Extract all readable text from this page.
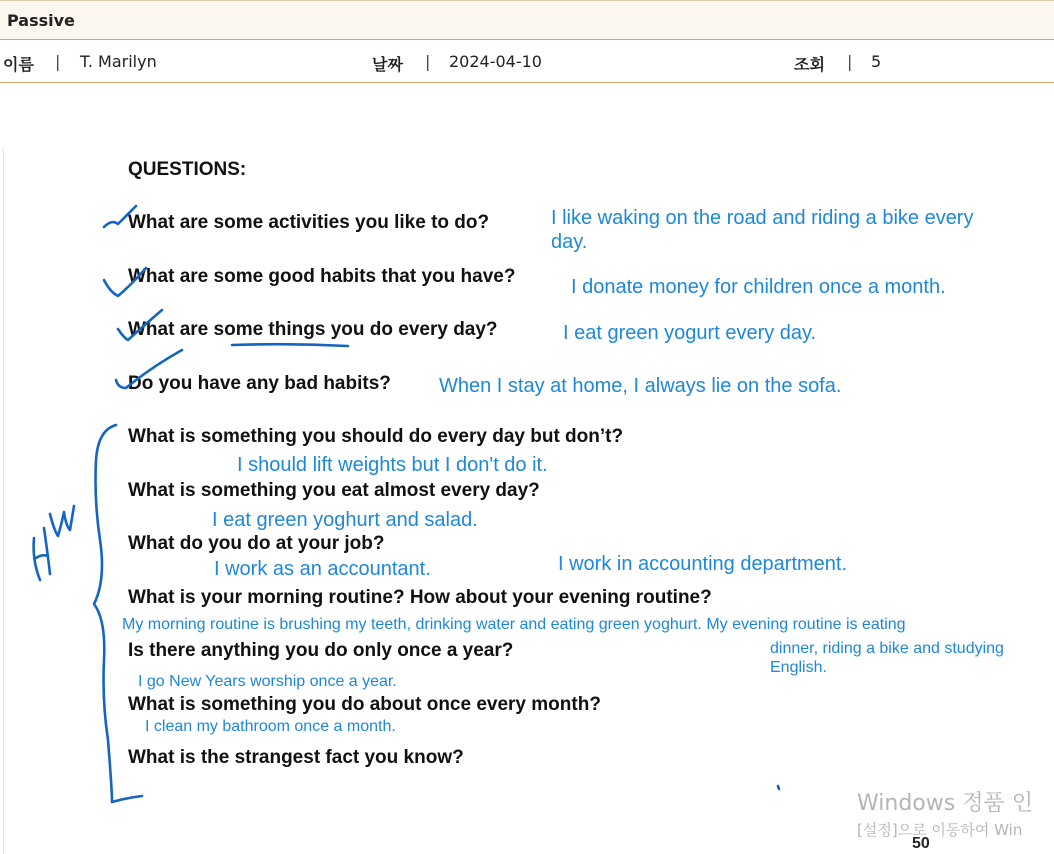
Passive
이름 | T. Marilyn	날짜 | 2024-04-10	조회 | 5
QUESTIONS:
What are some activities you like to do?
What are some good habits that you have?
What are some things you do every day?
Do you have any bad habits?
What is something you should do every day but don’t?
What is something you eat almost every day?
What do you do at your job?
What is your morning routine? How about your evening routine?
Is there anything you do only once a year?
What is something you do about once every month?
What is the strangest fact you know?
I like waking on the road and riding a bike every day.
I donate money for children once a month.
I eat green yogurt every day.
When I stay at home, I always lie on the sofa.
I should lift weights but I don't do it.
I eat green yoghurt and salad.
I work as an accountant.	I work in accounting department.
My morning routine is brushing my teeth, drinking water and eating green yoghurt. My evening routine is eating
dinner, riding a bike and studying English.
I go New Years worship once a year.
I clean my bathroom once a month.
Windows 정품 인
[설정]으로 이동하여 Win
50
